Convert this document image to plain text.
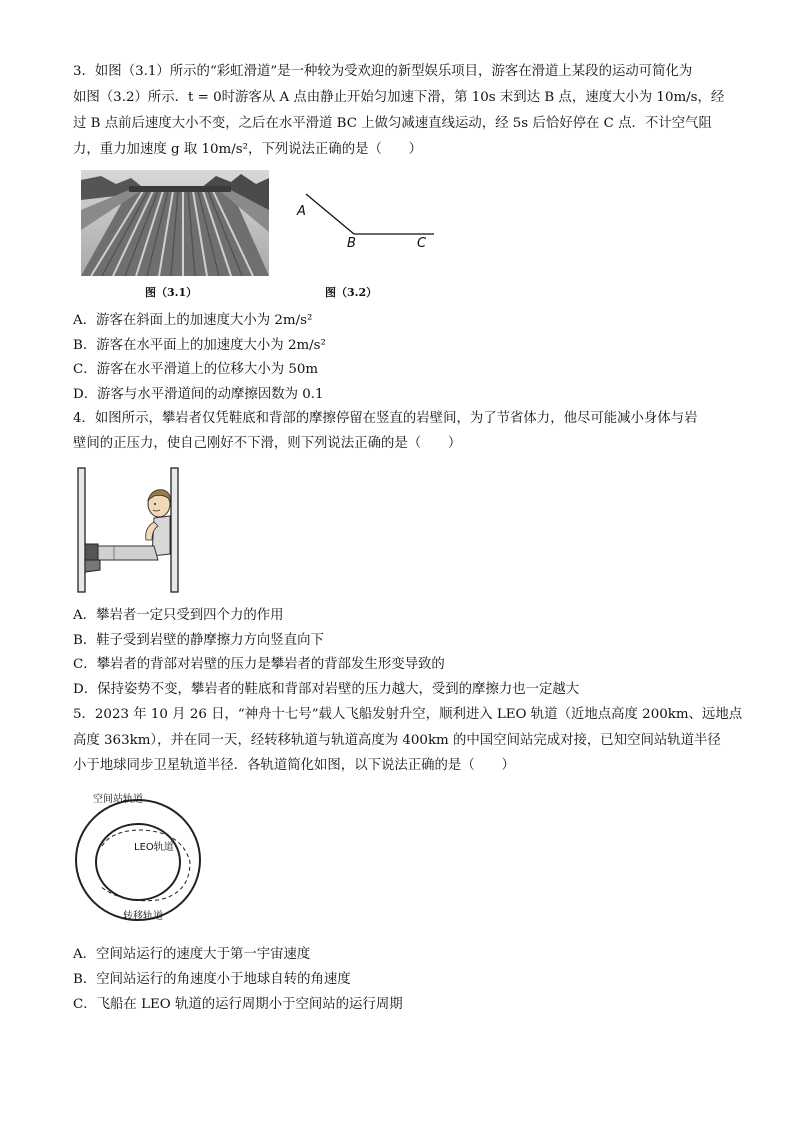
3．如图（3.1）所示的“彩虹滑道”是一种较为受欢迎的新型娱乐项目，游客在滑道上某段的运动可简化为
如图（3.2）所示．t = 0时游客从 A 点由静止开始匀加速下滑，第 10s 末到达 B 点，速度大小为 10m/s，经
过 B 点前后速度大小不变，之后在水平滑道 BC 上做匀减速直线运动，经 5s 后恰好停在 C 点．不计空气阻
力，重力加速度 g 取 10m/s²，下列说法正确的是（　　）
图（3.1）
A
B	C
图（3.2）
A．游客在斜面上的加速度大小为 2m/s²
B．游客在水平面上的加速度大小为 2m/s²
C．游客在水平滑道上的位移大小为 50m
D．游客与水平滑道间的动摩擦因数为 0.1
4．如图所示，攀岩者仅凭鞋底和背部的摩擦停留在竖直的岩壁间，为了节省体力，他尽可能减小身体与岩
壁间的正压力，使自己刚好不下滑，则下列说法正确的是（　　）
A．攀岩者一定只受到四个力的作用
B．鞋子受到岩壁的静摩擦力方向竖直向下
C．攀岩者的背部对岩壁的压力是攀岩者的背部发生形变导致的
D．保持姿势不变，攀岩者的鞋底和背部对岩壁的压力越大，受到的摩擦力也一定越大
5．2023 年 10 月 26 日，“神舟十七号”载人飞船发射升空，顺利进入 LEO 轨道（近地点高度 200km、远地点
高度 363km），并在同一天，经转移轨道与轨道高度为 400km 的中国空间站完成对接，已知空间站轨道半径
小于地球同步卫星轨道半径．各轨道简化如图，以下说法正确的是（　　）
空间站轨道
LEO轨道
转移轨道
A．空间站运行的速度大于第一宇宙速度
B．空间站运行的角速度小于地球自转的角速度
C．飞船在 LEO 轨道的运行周期小于空间站的运行周期
